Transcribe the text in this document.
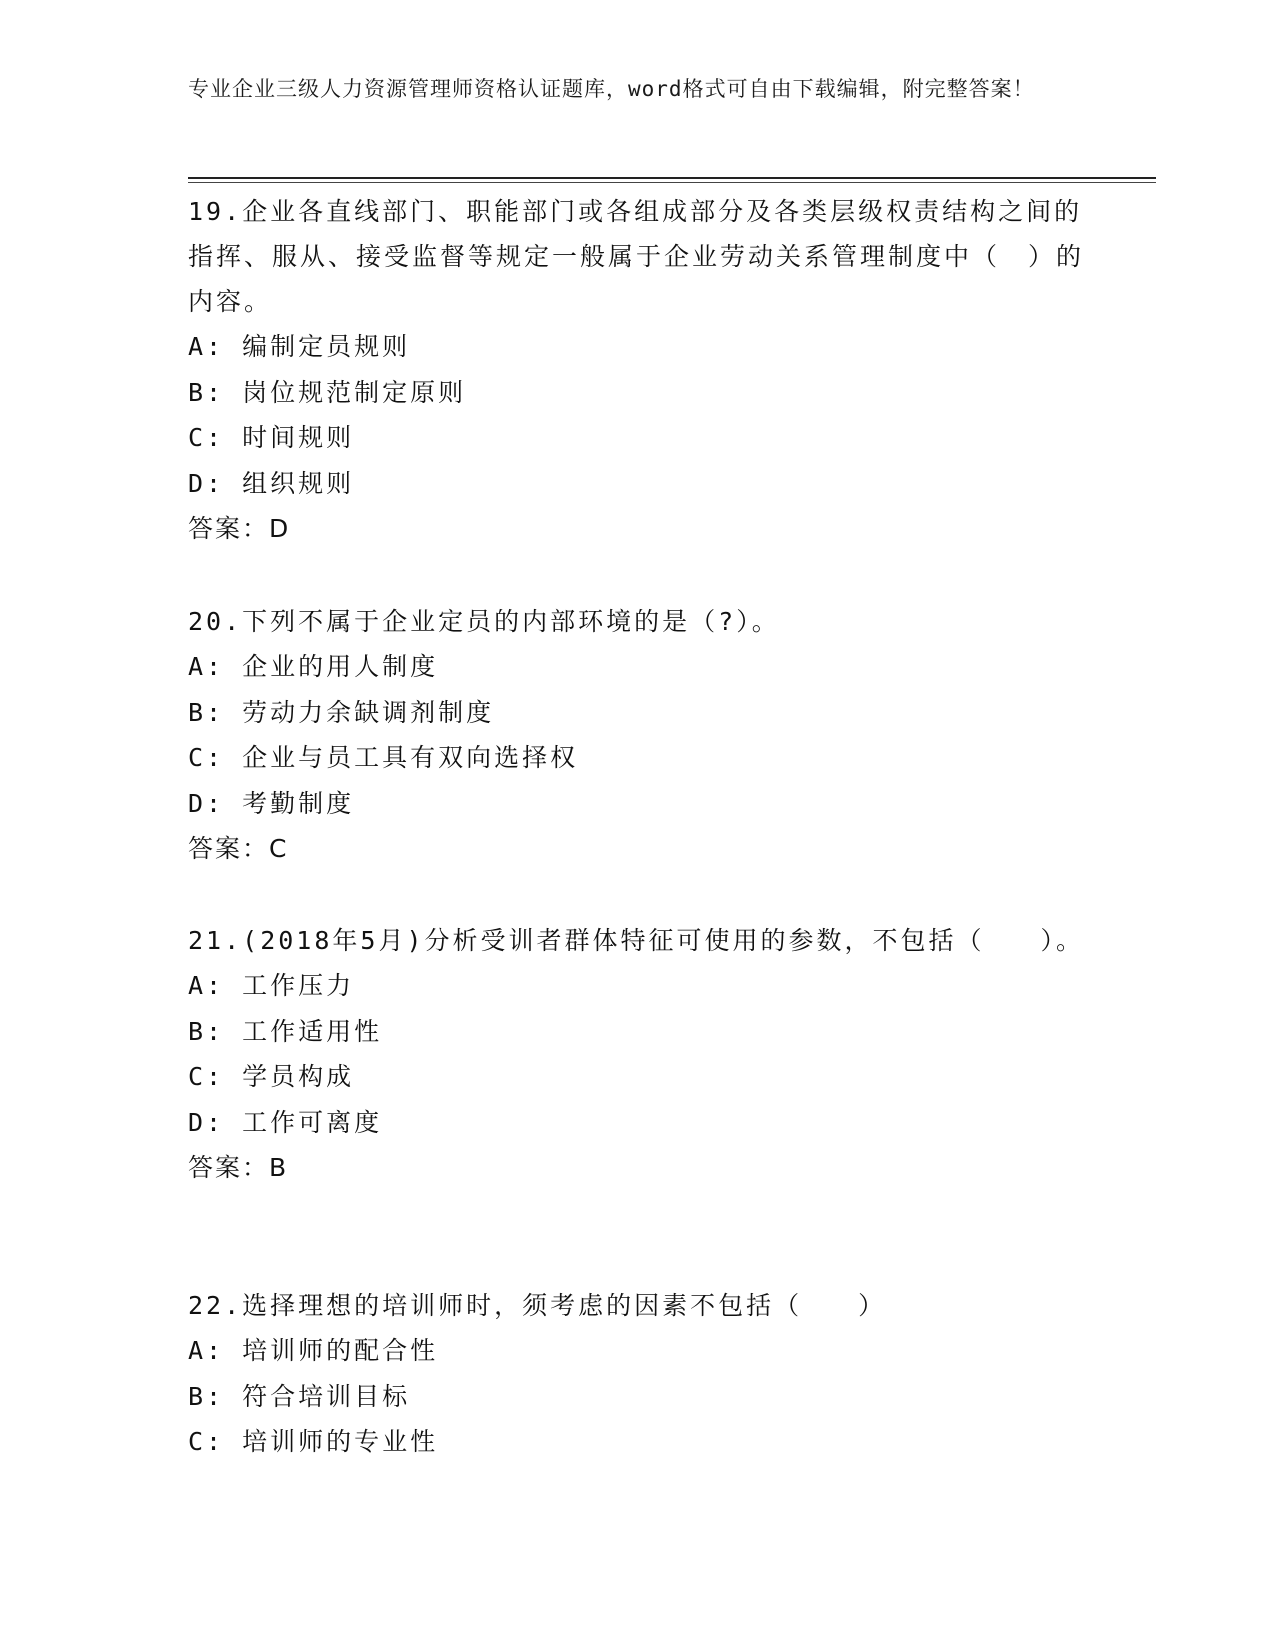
专业企业三级人力资源管理师资格认证题库，word格式可自由下载编辑，附完整答案！

19.企业各直线部门、职能部门或各组成部分及各类层级权责结构之间的指挥、服从、接受监督等规定一般属于企业劳动关系管理制度中（　）的内容。

A: 编制定员规则

B: 岗位规范制定原则

C: 时间规则

D: 组织规则

答案：D

20.下列不属于企业定员的内部环境的是（?）。

A: 企业的用人制度

B: 劳动力余缺调剂制度

C: 企业与员工具有双向选择权

D: 考勤制度

答案：C

21.(2018年5月)分析受训者群体特征可使用的参数，不包括（　　）。

A: 工作压力

B: 工作适用性

C: 学员构成

D: 工作可离度

答案：B

22.选择理想的培训师时，须考虑的因素不包括（　　）

A: 培训师的配合性

B: 符合培训目标

C: 培训师的专业性
